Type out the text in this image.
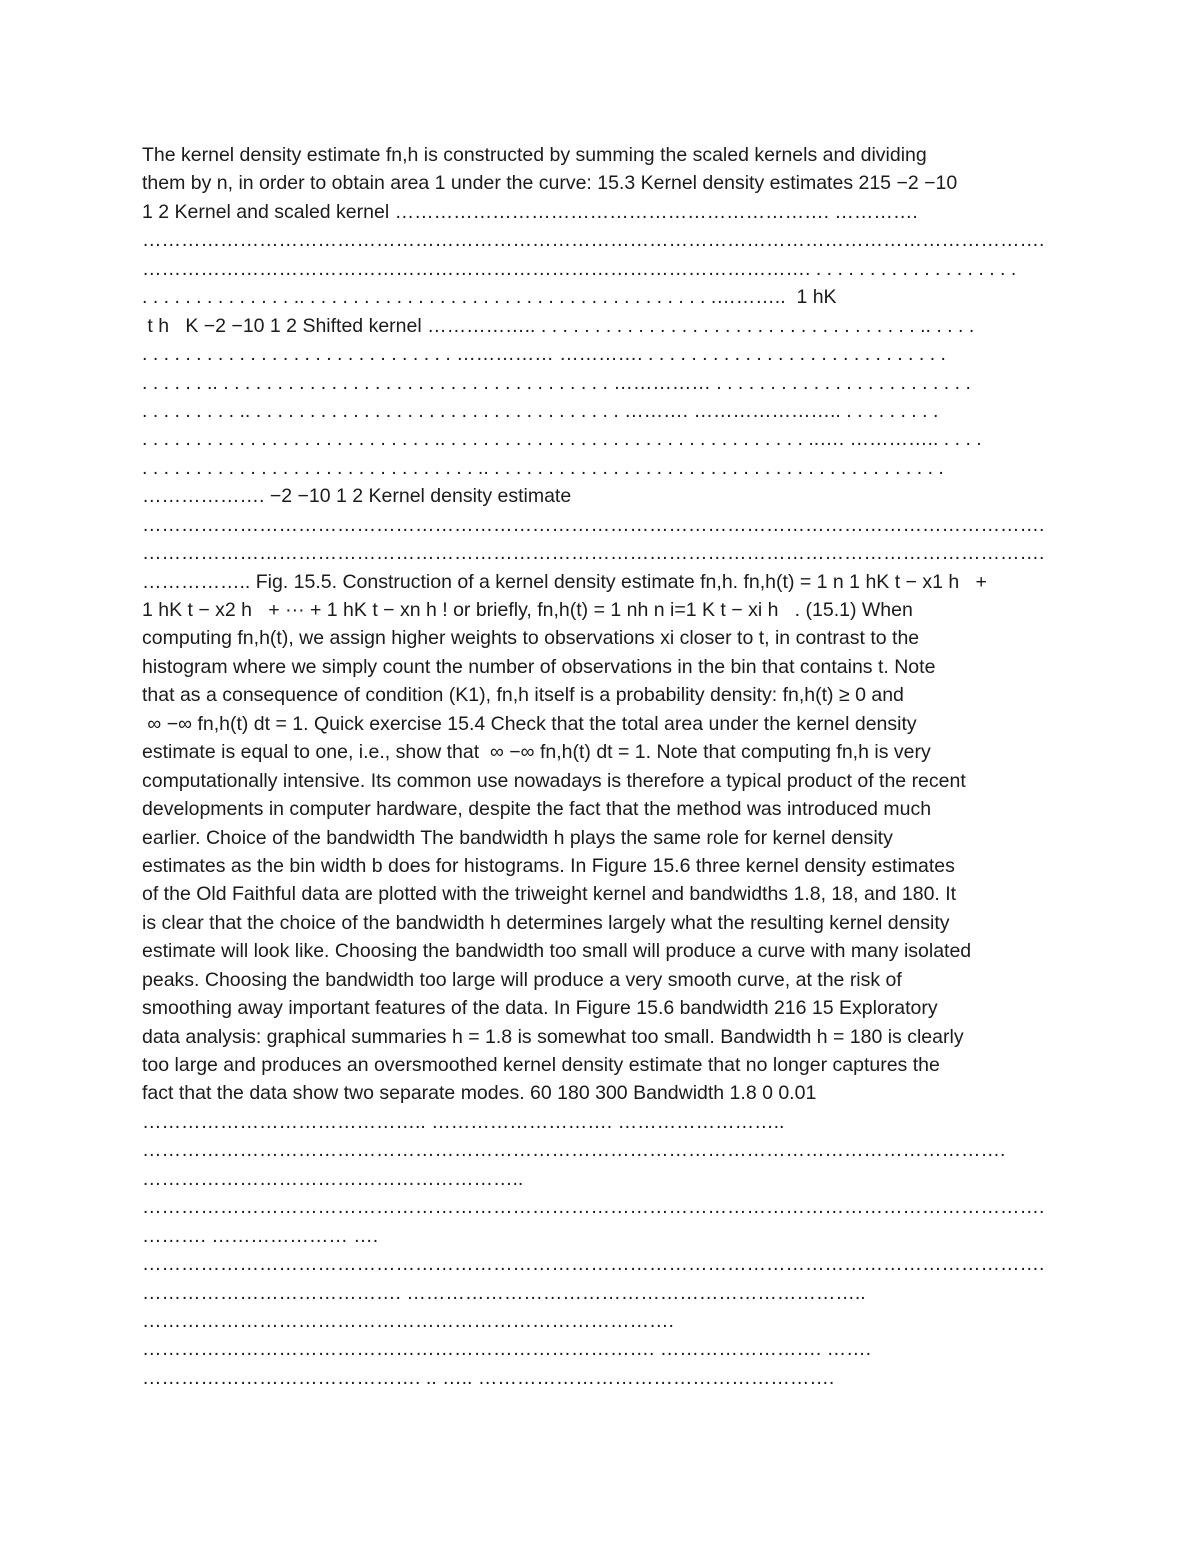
The kernel density estimate fn,h is constructed by summing the scaled kernels and dividing
them by n, in order to obtain area 1 under the curve: 15.3 Kernel density estimates 215 −2 −10
1 2 Kernel and scaled kernel …………………………………………………………. ………….
………………………………………………………………………………………………………………………….
…………………………………………………………………………………………. . . . . . . . . . . . . . . . . . . .
. . . . . . . . . . . . . . .. . . . . . . . . . . . . . . . . . . . . . . . . . . . . . . . . . . . . . .………..  1 hK
t h   K −2 −10 1 2 Shifted kernel …………….. . . . . . . . . . . . . . . . . . . . . . . . . . . . . . . . . . . . .. . . . .
. . . . . . . . . . . . . . . . . . . . . . . . . . . . . …………… …………. . . . . . . . . . . . . . . . . . . . . . . . . . . . .
. . . . . . .. . . . . . . . . . . . . . . . . . . . . . . . . . . . . . . . . . . . . …………… . . . . . . . . . . . . . . . . . . . . . . . .
. . . . . . . . . .. . . . . . . . . . . . . . . . . . . . . . . . . . . . . . . . . . . ………. ………………….. . . . . . . . . .
. . . . . . . . . . . . . . . . . . . . . . . . . . . .. . . . . . . . . . . . . . . . . . . . . . . . . . . . . . . . . . ..…. ………….. . . . .
. . . . . . . . . . . . . . . . . . . . . . . . . . . . . . . .. . . . . . . . . . . . . . . . . . . . . . . . . . . . . . . . . . . . . . . . . . .
………………. −2 −10 1 2 Kernel density estimate
………………………………………………………………………………………………………………………….
………………………………………………………………………………………………………………………….
…………….. Fig. 15.5. Construction of a kernel density estimate fn,h. fn,h(t) = 1 n 1 hK t − x1 h   +
1 hK t − x2 h   + ··· + 1 hK t − xn h ! or briefly, fn,h(t) = 1 nh n i=1 K t − xi h   . (15.1) When
computing fn,h(t), we assign higher weights to observations xi closer to t, in contrast to the
histogram where we simply count the number of observations in the bin that contains t. Note
that as a consequence of condition (K1), fn,h itself is a probability density: fn,h(t) ≥ 0 and
∞ −∞ fn,h(t) dt = 1. Quick exercise 15.4 Check that the total area under the kernel density
estimate is equal to one, i.e., show that  ∞ −∞ fn,h(t) dt = 1. Note that computing fn,h is very
computationally intensive. Its common use nowadays is therefore a typical product of the recent
developments in computer hardware, despite the fact that the method was introduced much
earlier. Choice of the bandwidth The bandwidth h plays the same role for kernel density
estimates as the bin width b does for histograms. In Figure 15.6 three kernel density estimates
of the Old Faithful data are plotted with the triweight kernel and bandwidths 1.8, 18, and 180. It
is clear that the choice of the bandwidth h determines largely what the resulting kernel density
estimate will look like. Choosing the bandwidth too small will produce a curve with many isolated
peaks. Choosing the bandwidth too large will produce a very smooth curve, at the risk of
smoothing away important features of the data. In Figure 15.6 bandwidth 216 15 Exploratory
data analysis: graphical summaries h = 1.8 is somewhat too small. Bandwidth h = 180 is clearly
too large and produces an oversmoothed kernel density estimate that no longer captures the
fact that the data show two separate modes. 60 180 300 Bandwidth 1.8 0 0.01
…………………………………….. ………………………. ……………………..
…………………………………………………………………………………………………………………….
…………………………………………………..
………………………………………………………………………………………………………………………….
………. ………………… ….
………………………………………………………………………………………………………………………….
…………………………………. ……………………………………………………………..
……………………………………………………………………….
……………………………………………………………………. ……………………. …….
……………………………………. .. ….. ……………………………………………….
